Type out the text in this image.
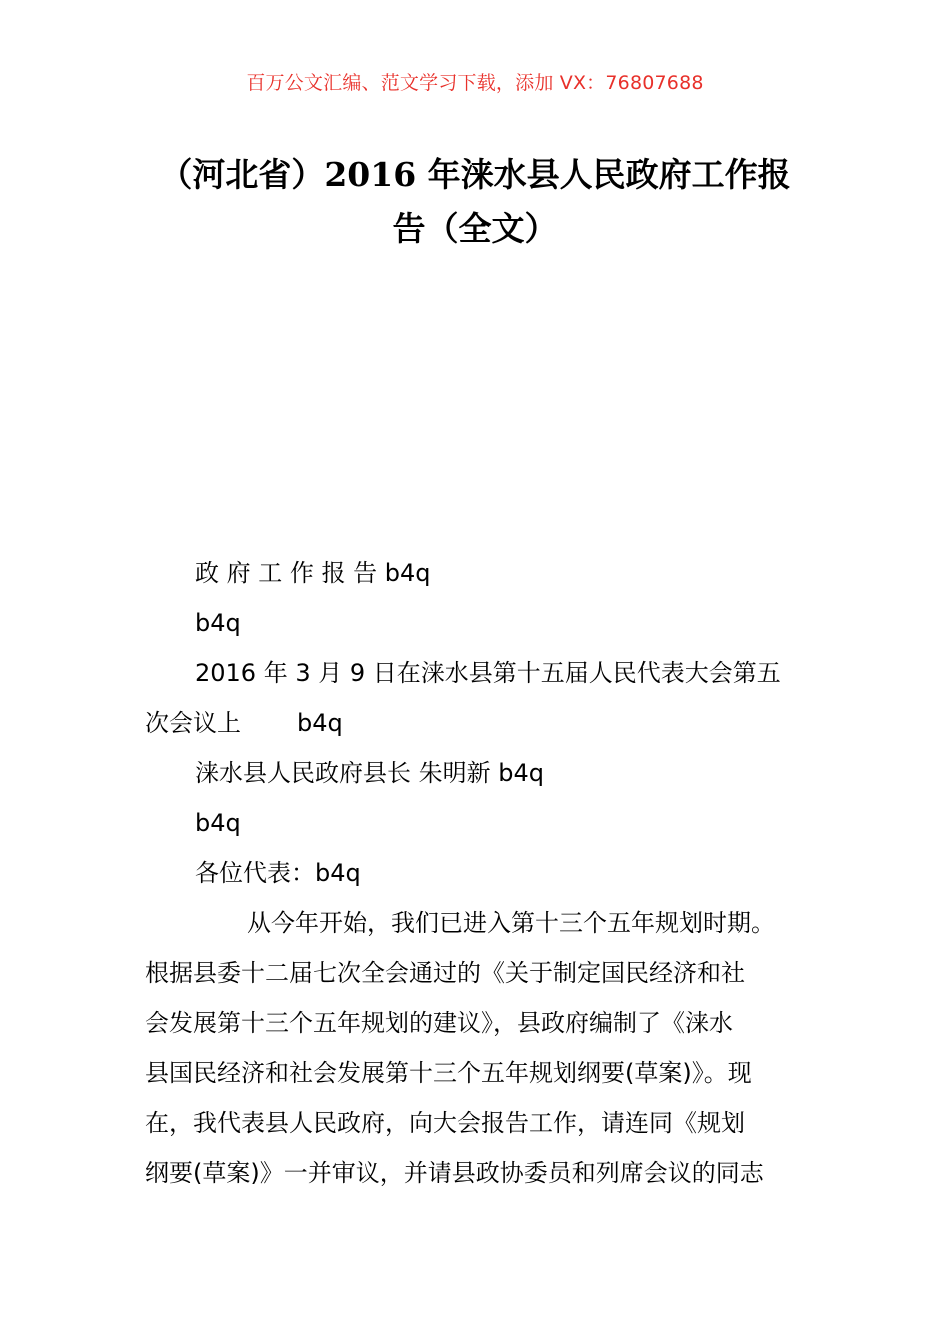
百万公文汇编、范文学习下载，添加 VX：76807688
（河北省）2016 年涞水县人民政府工作报告（全文）
政 府 工 作 报 告 b4q
b4q
2016 年 3 月 9 日在涞水县第十五届人民代表大会第五
次会议上 b4q
涞水县人民政府县长 朱明新 b4q
b4q
各位代表：b4q
从今年开始，我们已进入第十三个五年规划时期。
根据县委十二届七次全会通过的《关于制定国民经济和社
会发展第十三个五年规划的建议》，县政府编制了《涞水
县国民经济和社会发展第十三个五年规划纲要(草案)》。现
在，我代表县人民政府，向大会报告工作，请连同《规划
纲要(草案)》一并审议，并请县政协委员和列席会议的同志
